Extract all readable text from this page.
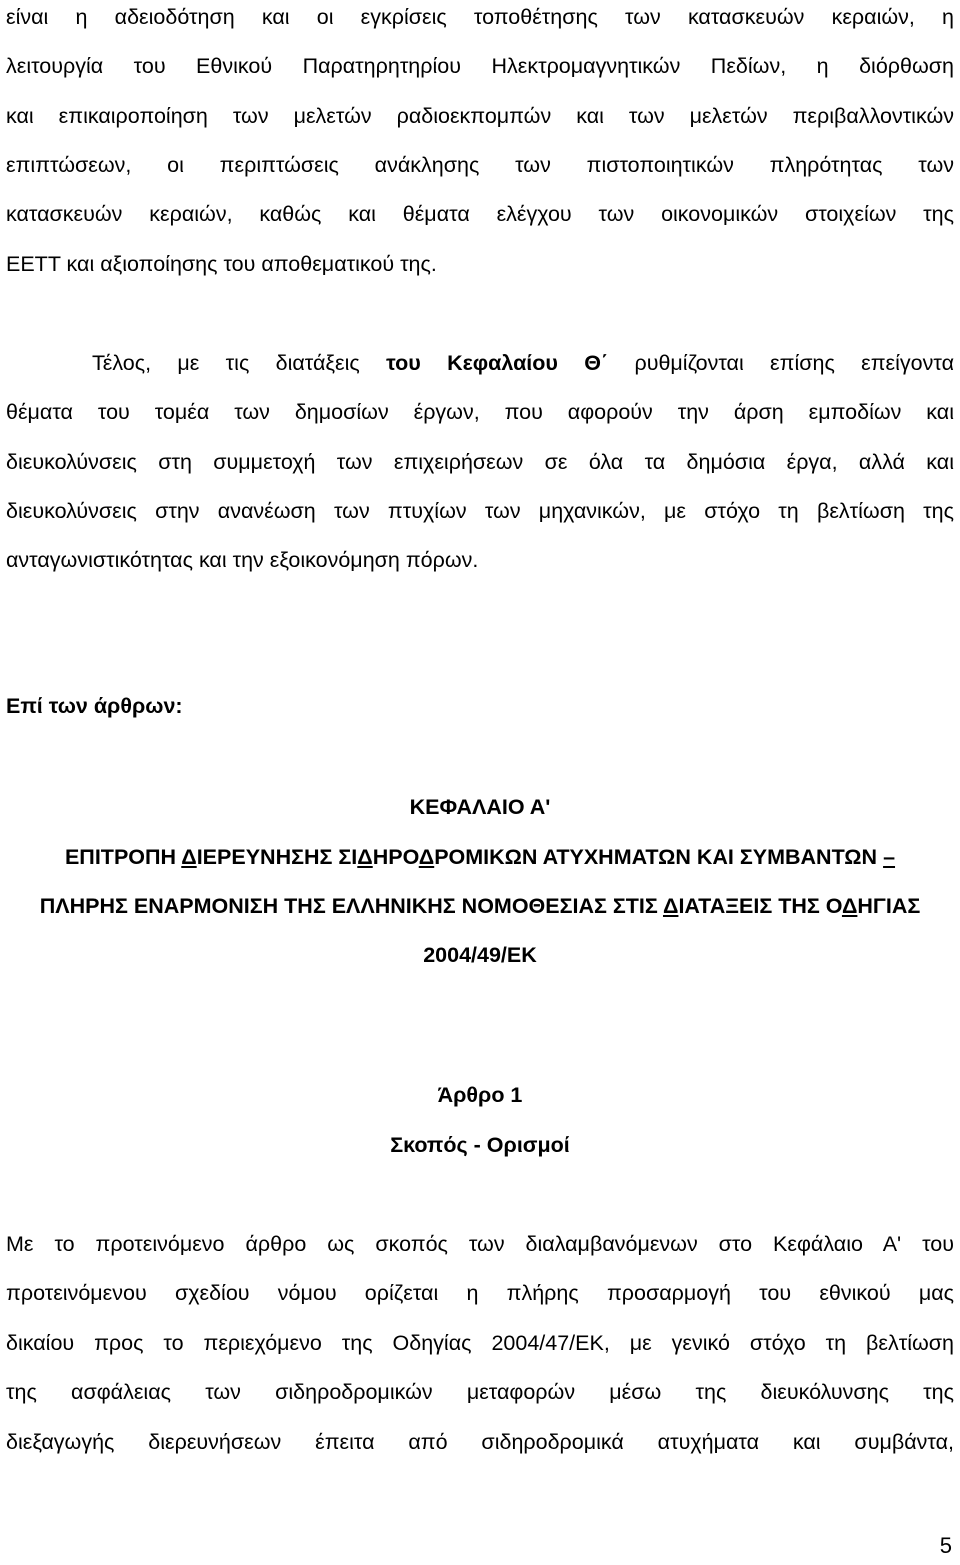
είναι η αδειοδότηση και οι εγκρίσεις τοποθέτησης των κατασκευών κεραιών, η
λειτουργία του Εθνικού Παρατηρητηρίου Ηλεκτρομαγνητικών Πεδίων, η διόρθωση
και επικαιροποίηση των μελετών ραδιοεκπομπών και των μελετών περιβαλλοντικών
επιπτώσεων, οι περιπτώσεις ανάκλησης των πιστοποιητικών πληρότητας των
κατασκευών κεραιών, καθώς και θέματα ελέγχου των οικονομικών στοιχείων της
ΕΕΤΤ και αξιοποίησης του αποθεματικού της.
Τέλος, με τις διατάξεις του Κεφαλαίου Θ΄ ρυθμίζονται επίσης επείγοντα
θέματα του τομέα των δημοσίων έργων, που αφορούν την άρση εμποδίων και
διευκολύνσεις στη συμμετοχή των επιχειρήσεων σε όλα τα δημόσια έργα, αλλά και
διευκολύνσεις στην ανανέωση των πτυχίων των μηχανικών, με στόχο τη βελτίωση της
ανταγωνιστικότητας και την εξοικονόμηση πόρων.
Επί των άρθρων:
ΚΕΦΑΛΑΙΟ Α'
ΕΠΙΤΡΟΠΗ ΔΙΕΡΕΥΝΗΣΗΣ ΣΙΔΗΡΟΔΡΟΜΙΚΩΝ ΑΤΥΧΗΜΑΤΩΝ ΚΑΙ ΣΥΜΒΑΝΤΩΝ –
ΠΛΗΡΗΣ ΕΝΑΡΜΟΝΙΣΗ ΤΗΣ ΕΛΛΗΝΙΚΗΣ ΝΟΜΟΘΕΣΙΑΣ ΣΤΙΣ ΔΙΑΤΑΞΕΙΣ ΤΗΣ ΟΔΗΓΙΑΣ
2004/49/ΕΚ
Άρθρο 1
Σκοπός - Ορισμοί
Με το προτεινόμενο άρθρο ως σκοπός των διαλαμβανόμενων στο Κεφάλαιο Α' του
προτεινόμενου σχεδίου νόμου ορίζεται η πλήρης προσαρμογή του εθνικού μας
δικαίου προς το περιεχόμενο της Οδηγίας 2004/47/ΕΚ, με γενικό στόχο τη βελτίωση
της ασφάλειας των σιδηροδρομικών μεταφορών μέσω της διευκόλυνσης της
διεξαγωγής διερευνήσεων έπειτα από σιδηροδρομικά ατυχήματα και συμβάντα,
5
